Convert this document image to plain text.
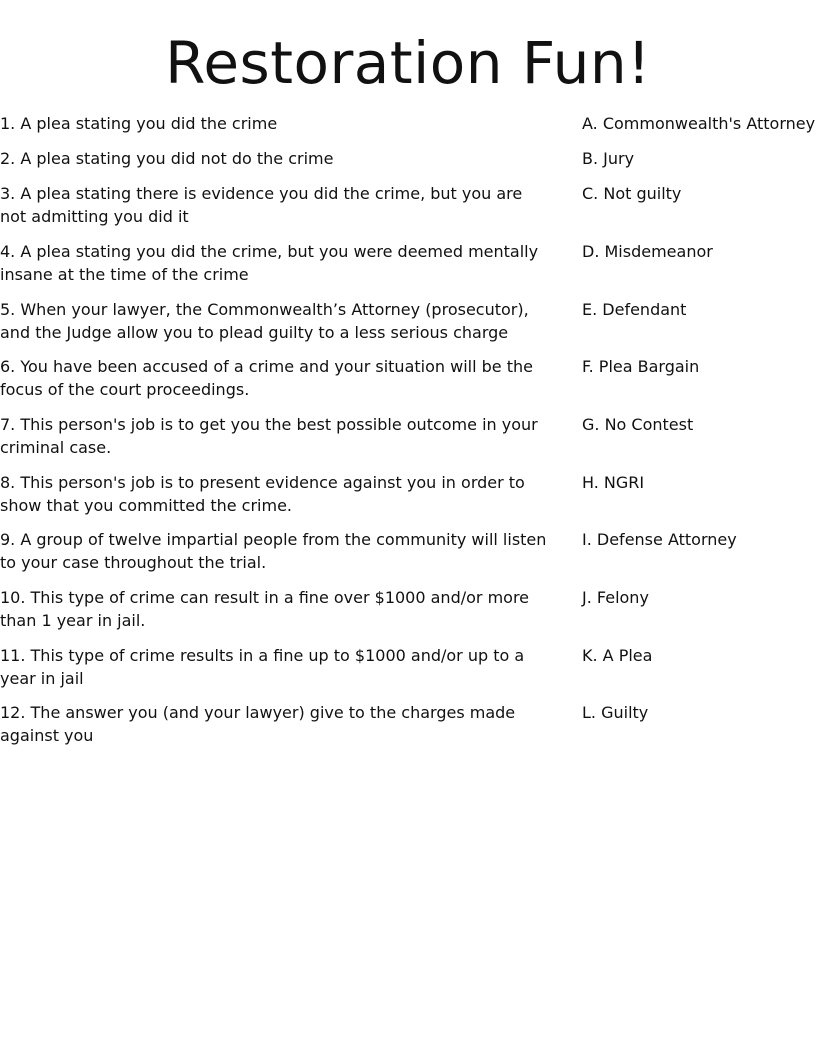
Restoration Fun!
1. A plea stating you did the crime	A. Commonwealth's Attorney
2. A plea stating you did not do the crime	B. Jury
3. A plea stating there is evidence you did the crime, but you are not admitting you did it
C. Not guilty
4. A plea stating you did the crime, but you were deemed mentally insane at the time of the crime
D. Misdemeanor
5. When your lawyer, the Commonwealth’s Attorney (prosecutor), and the Judge allow you to plead guilty to a less serious charge
E. Defendant
6. You have been accused of a crime and your situation will be the focus of the court proceedings.
F. Plea Bargain
7. This person's job is to get you the best possible outcome in your criminal case.
G. No Contest
8. This person's job is to present evidence against you in order to show that you committed the crime.
H. NGRI
9. A group of twelve impartial people from the community will listen to your case throughout the trial.
I. Defense Attorney
10. This type of crime can result in a fine over $1000 and/or more than 1 year in jail.
J. Felony
11. This type of crime results in a fine up to $1000 and/or up to a year in jail
K. A Plea
12. The answer you (and your lawyer) give to the charges made against you
L. Guilty
